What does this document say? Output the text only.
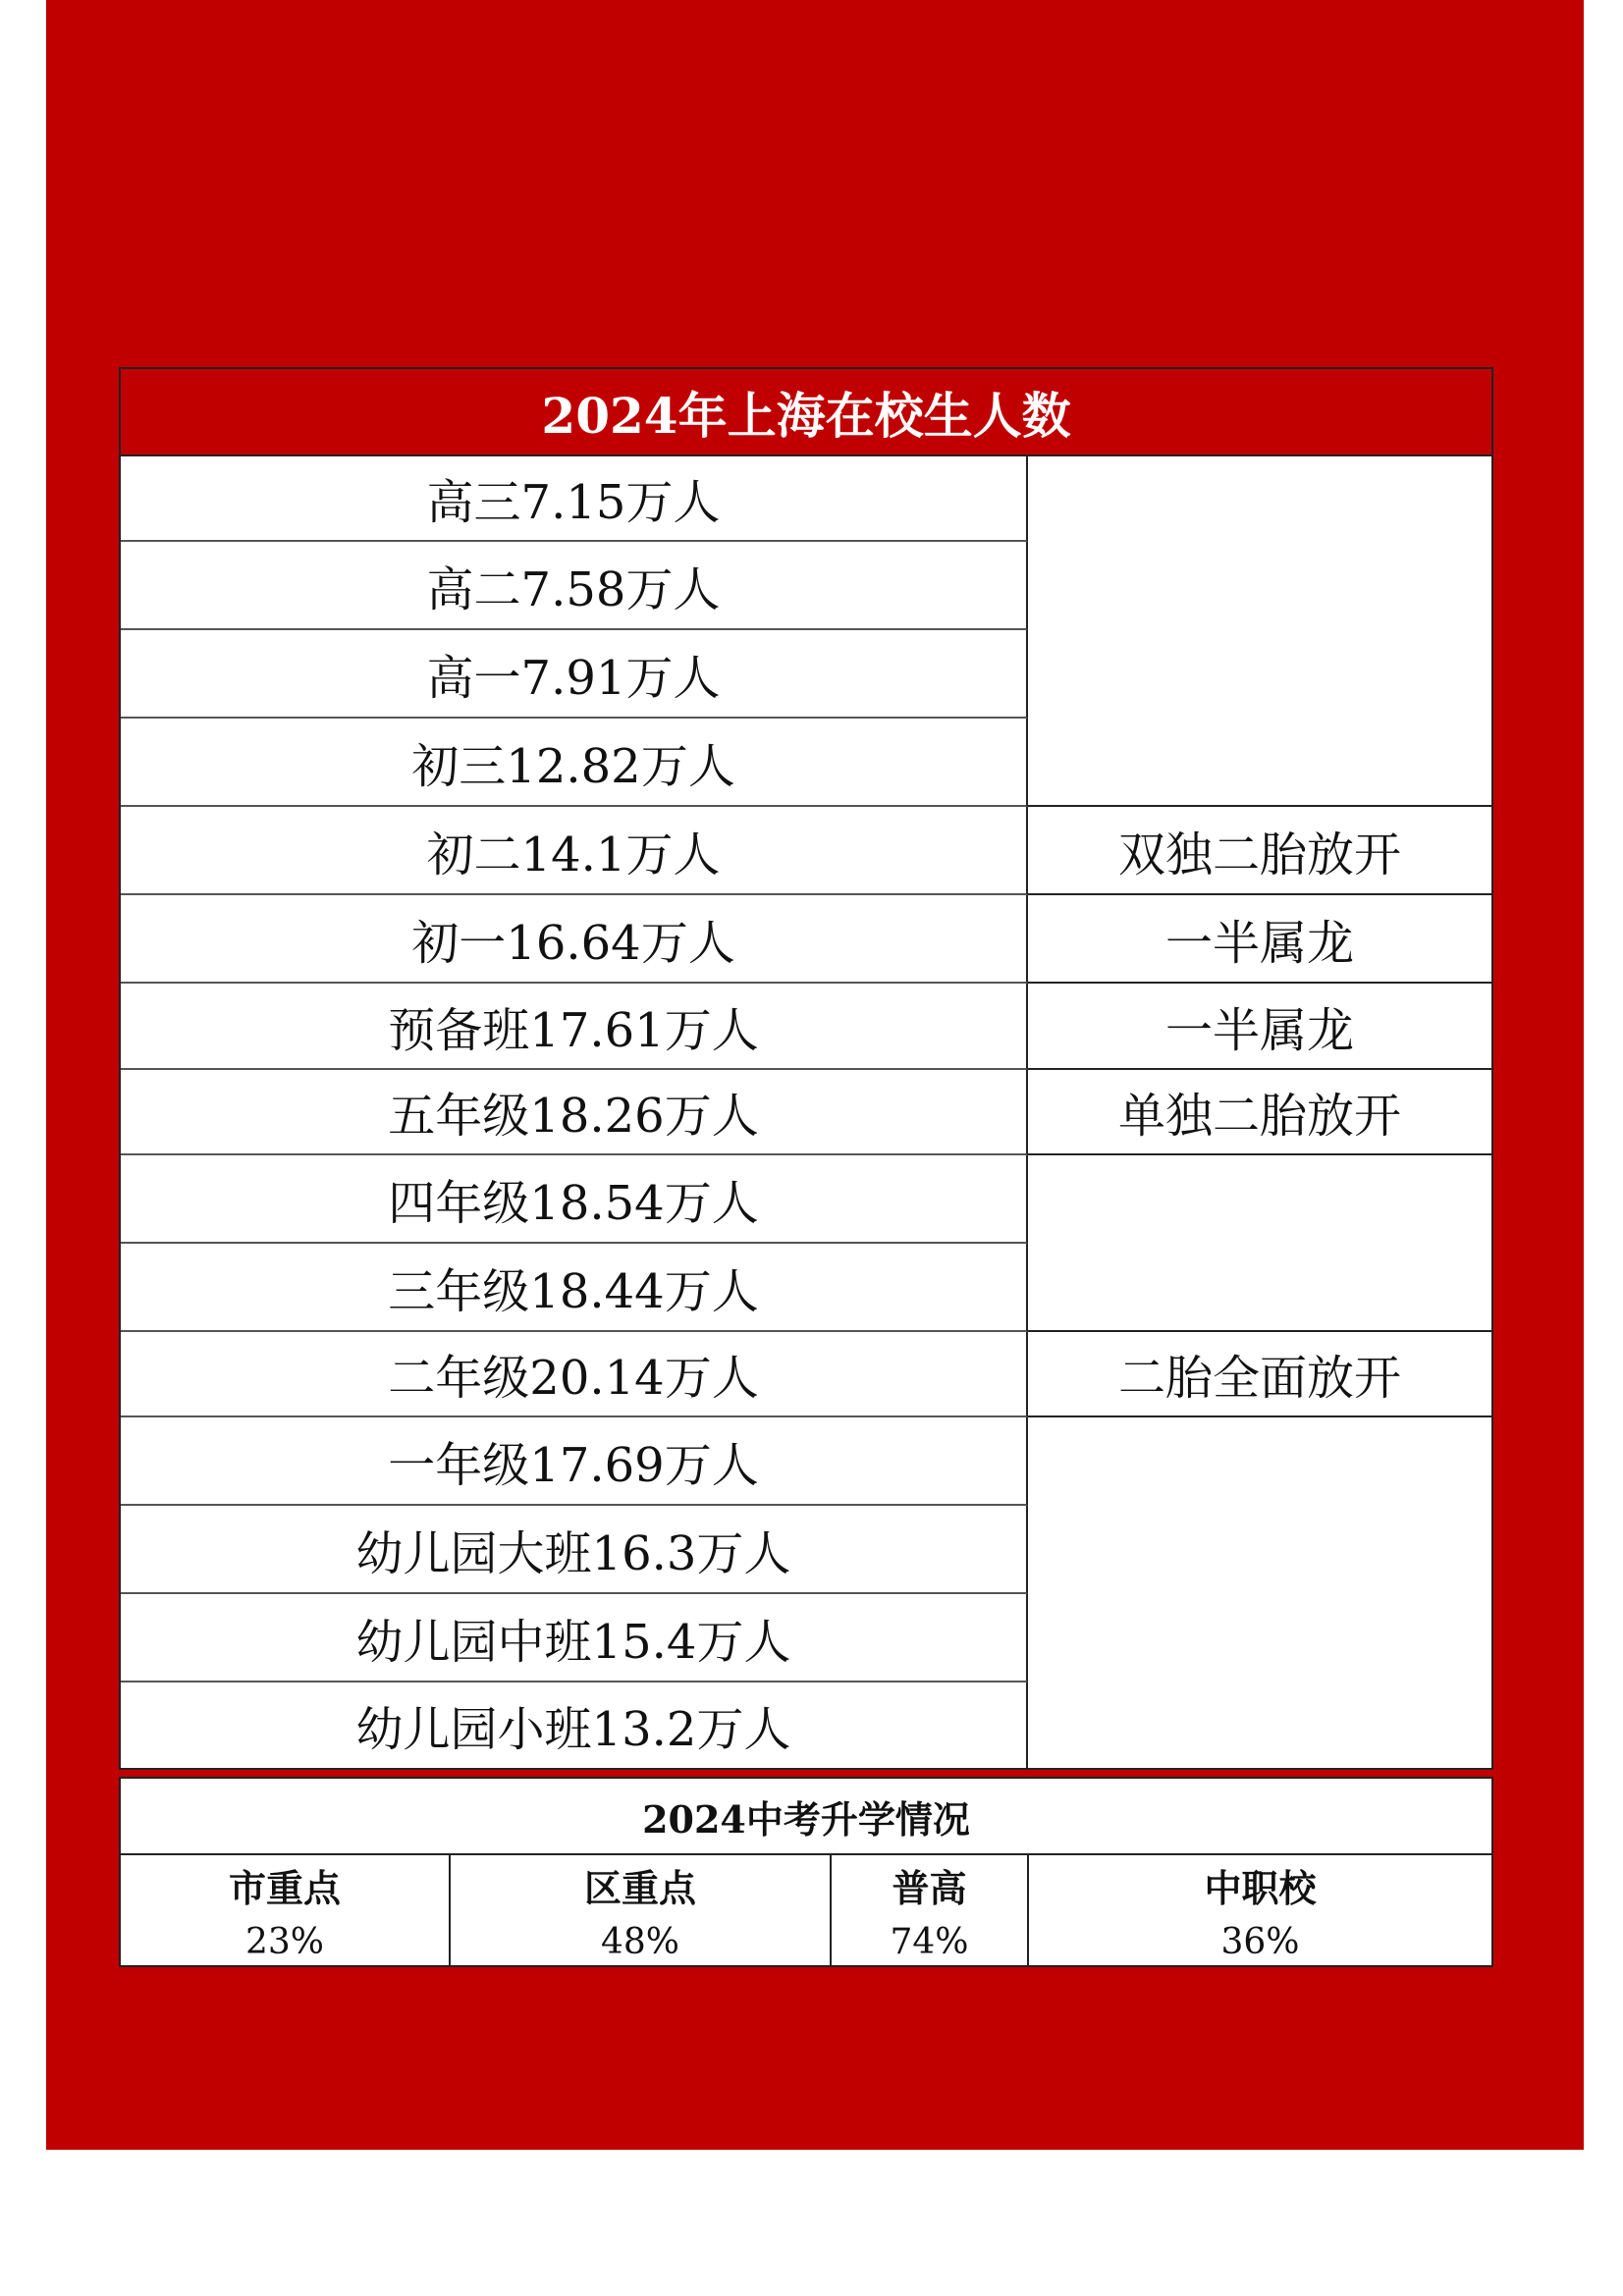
2024年上海在校生人数
高三7.15万人
高二7.58万人
高一7.91万人
初三12.82万人
初二14.1万人
初一16.64万人
预备班17.61万人
五年级18.26万人
四年级18.54万人
三年级18.44万人
二年级20.14万人
一年级17.69万人
幼儿园大班16.3万人
幼儿园中班15.4万人
幼儿园小班13.2万人
双独二胎放开
一半属龙
一半属龙
单独二胎放开
二胎全面放开
2024中考升学情况
市重点
23%
区重点
48%
普高
74%
中职校
36%
